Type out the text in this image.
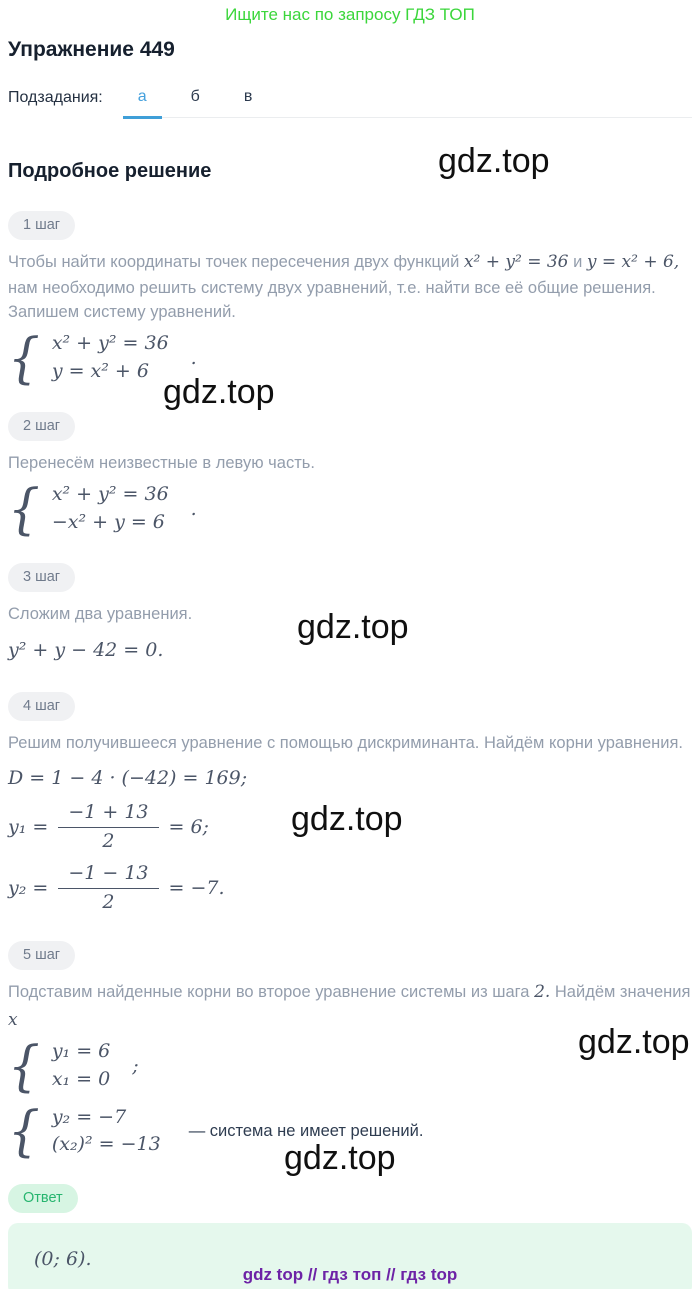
Ищите нас по запросу ГДЗ ТОП
Упражнение 449
Подзадания:	а	б	в
Подробное решение	gdz.top
1 шаг

Чтобы найти координаты точек пересечения двух функций x² + y² = 36 и y = x² + 6, нам необходимо решить систему двух уравнений, т.е. найти все её общие решения. Запишем систему уравнений.

{ x² + y² = 36
y = x² + 6
.
gdz.top
2 шаг

Перенесём неизвестные в левую часть.

{ x² + y² = 36
−x² + y = 6
.
3 шаг

Сложим два уравнения.

y² + y − 42 = 0.
gdz.top
4 шаг

Решим получившееся уравнение с помощью дискриминанта. Найдём корни уравнения.

D = 1 − 4 · (−42) = 169;
$y_1 = \frac{-1 + 13}{2} = 6$;
$y_2 = \frac{-1 - 13}{2} = -7$.
gdz.top
5 шаг

Подставим найденные корни во второе уравнение системы из шага 2. Найдём значения
x

{ y₁ = 6
x₁ = 0
;
{ y₂ = −7
(x₂)² = −13
— система не имеет решений.
gdz.top
gdz.top
Ответ
(0; 6).
gdz top // гдз топ // гдз top
